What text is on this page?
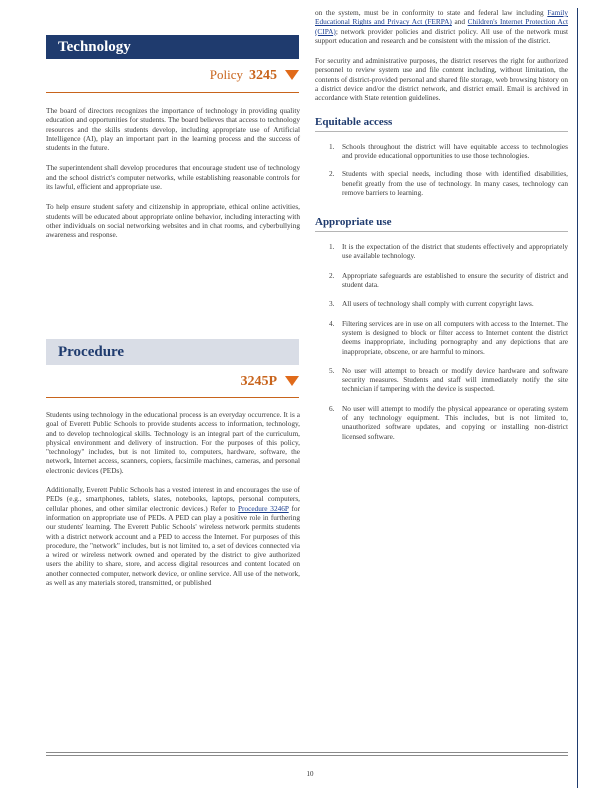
Technology
Policy 3245

The board of directors recognizes the importance of technology in providing quality education and opportunities for students. The board believes that access to technology resources and the skills students develop, including appropriate use of Artificial Intelligence (AI), play an important part in the learning process and the success of students in the future.

The superintendent shall develop procedures that encourage student use of technology and the school district's computer networks, while establishing reasonable controls for its lawful, efficient and appropriate use.

To help ensure student safety and citizenship in appropriate, ethical online activities, students will be educated about appropriate online behavior, including interacting with other individuals on social networking websites and in chat rooms, and cyberbullying awareness and response.

Procedure
3245P

Students using technology in the educational process is an everyday occurrence. It is a goal of Everett Public Schools to provide students access to information, technology, and to develop technological skills. Technology is an integral part of the curriculum, physical environment and delivery of instruction. For the purposes of this policy, "technology" includes, but is not limited to, computers, hardware, software, the network, Internet access, scanners, copiers, facsimile machines, cameras, and personal electronic devices (PEDs).

Additionally, Everett Public Schools has a vested interest in and encourages the use of PEDs (e.g., smartphones, tablets, slates, notebooks, laptops, personal computers, cellular phones, and other similar electronic devices.) Refer to Procedure 3246P for information on appropriate use of PEDs. A PED can play a positive role in furthering our students' learning. The Everett Public Schools' wireless network permits students with a district network account and a PED to access the Internet. For purposes of this procedure, the "network" includes, but is not limited to, a set of devices connected via a wired or wireless network owned and operated by the district to give authorized users the ability to share, store, and access digital resources and content located on another connected computer, network device, or online service. All use of the network, as well as any materials stored, transmitted, or published

on the system, must be in conformity to state and federal law including Family Educational Rights and Privacy Act (FERPA) and Children's Internet Protection Act (CIPA); network provider policies and district policy. All use of the network must support education and research and be consistent with the mission of the district.

For security and administrative purposes, the district reserves the right for authorized personnel to review system use and file content including, without limitation, the contents of district-provided personal and shared file storage, web browsing history on a district device and/or the district network, and district email. Email is archived in accordance with State retention guidelines.

Equitable access

1. Schools throughout the district will have equitable access to technologies and provide educational opportunities to use those technologies.
2. Students with special needs, including those with identified disabilities, benefit greatly from the use of technology. In many cases, technology can remove barriers to learning.

Appropriate use

1. It is the expectation of the district that students effectively and appropriately use available technology.
2. Appropriate safeguards are established to ensure the security of district and student data.
3. All users of technology shall comply with current copyright laws.
4. Filtering services are in use on all computers with access to the Internet. The system is designed to block or filter access to Internet content the district deems inappropriate, including pornography and any depictions that are inappropriate, obscene, or are harmful to minors.
5. No user will attempt to breach or modify device hardware and software security measures. Students and staff will immediately notify the site technician if tampering with the device is suspected.
6. No user will attempt to modify the physical appearance or operating system of any technology equipment. This includes, but is not limited to, unauthorized software updates, and copying or installing non-district licensed software.
10
